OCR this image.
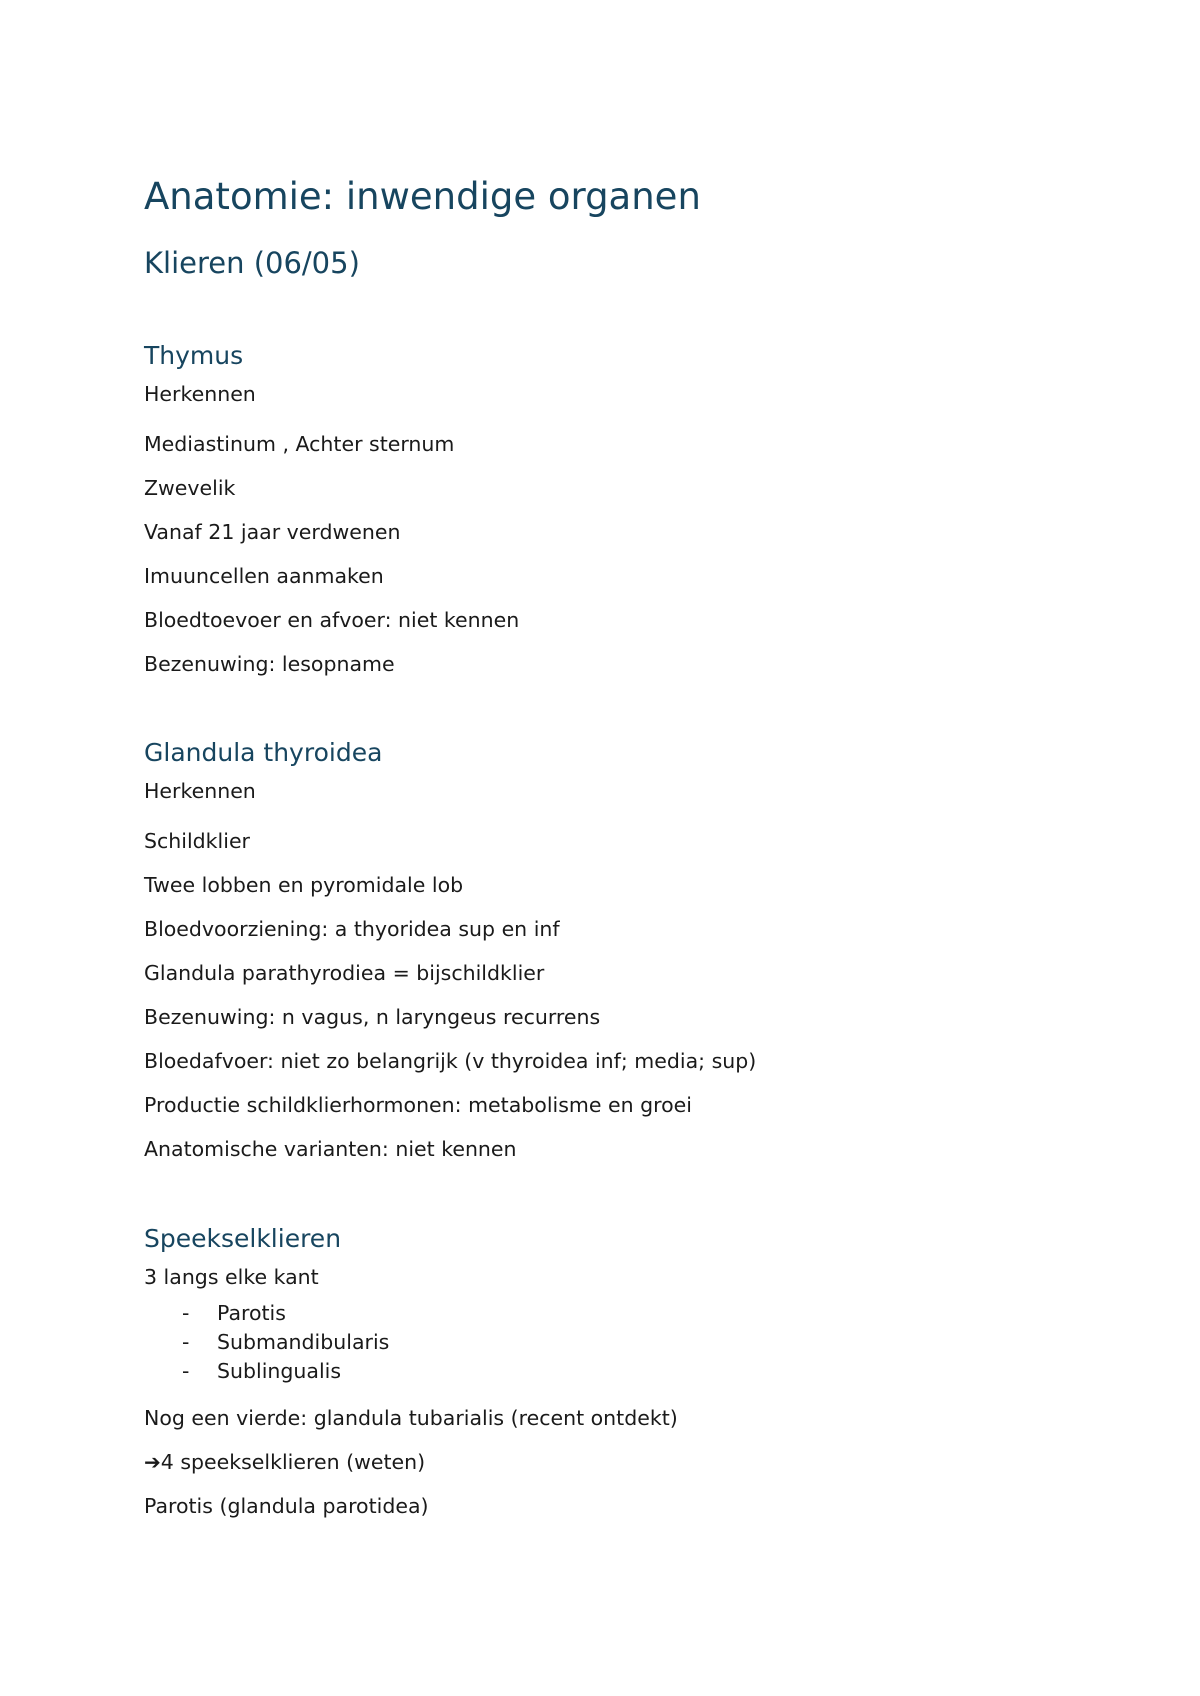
Anatomie: inwendige organen
Klieren (06/05)
Thymus

Herkennen

Mediastinum , Achter sternum

Zwevelik

Vanaf 21 jaar verdwenen

Imuuncellen aanmaken

Bloedtoevoer en afvoer: niet kennen

Bezenuwing: lesopname

Glandula thyroidea

Herkennen

Schildklier

Twee lobben en pyromidale lob

Bloedvoorziening: a thyoridea sup en inf

Glandula parathyrodiea = bijschildklier

Bezenuwing: n vagus, n laryngeus recurrens

Bloedafvoer: niet zo belangrijk (v thyroidea inf; media; sup)

Productie schildklierhormonen: metabolisme en groei

Anatomische varianten: niet kennen

Speekselklieren

3 langs elke kant

- Parotis
- Submandibularis
- Sublingualis

Nog een vierde: glandula tubarialis (recent ontdekt)

➔4 speekselklieren (weten)

Parotis (glandula parotidea)
